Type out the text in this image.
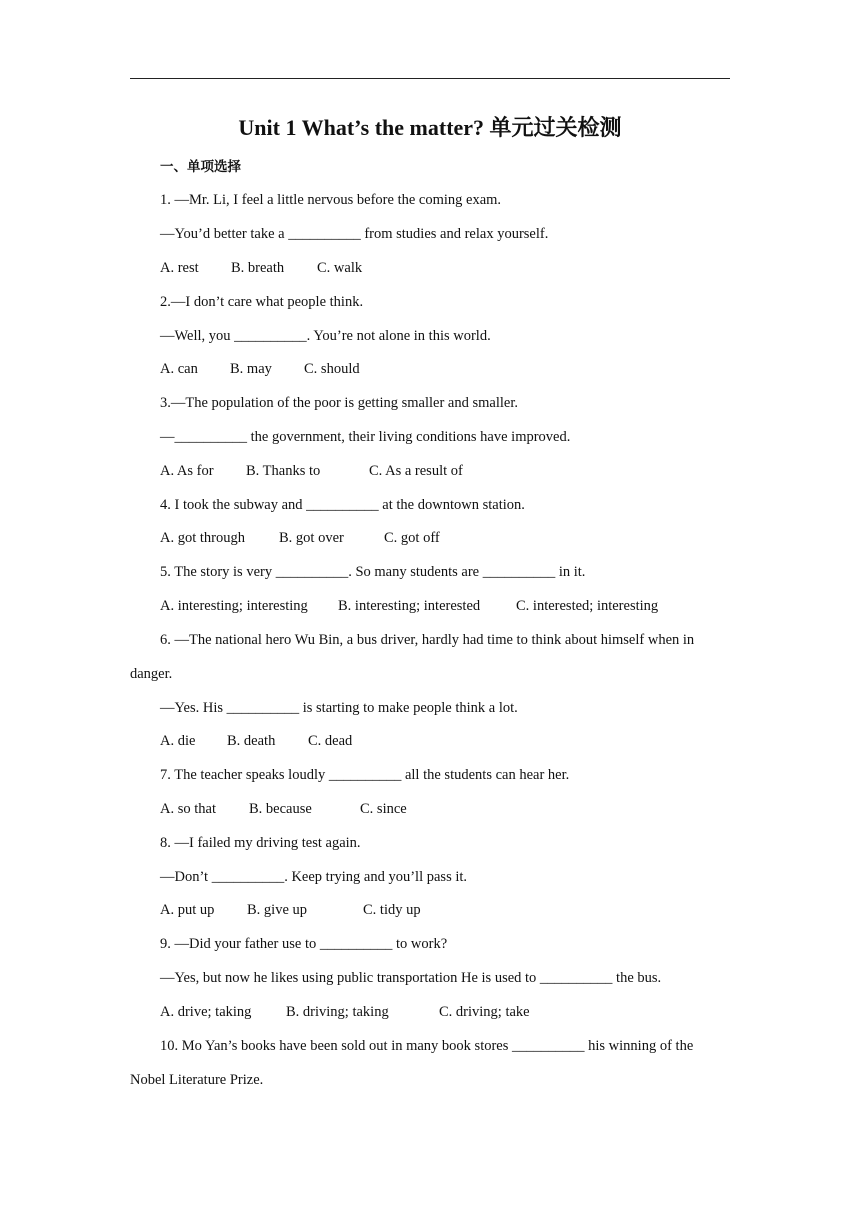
Unit 1 What’s the matter? 单元过关检测
一、单项选择
1. —Mr. Li, I feel a little nervous before the coming exam.
—You’d better take a __________ from studies and relax yourself.
A. rest B. breath C. walk
2.—I don’t care what people think.
—Well, you __________. You’re not alone in this world.
A. can B. may C. should
3.—The population of the poor is getting smaller and smaller.
—__________ the government, their living conditions have improved.
A. As for B. Thanks to	C. As a result of
4. I took the subway and __________ at the downtown station.
A. got through B. got over	C. got off
5. The story is very __________. So many students are __________ in it.
A. interesting; interesting B. interesting; interested C. interested; interesting
6. —The national hero Wu Bin, a bus driver, hardly had time to think about himself when in
danger.
—Yes. His __________ is starting to make people think a lot.
A. die B. death C. dead
7. The teacher speaks loudly __________ all the students can hear her.
A. so that B. because	C. since
8. —I failed my driving test again.
—Don’t __________. Keep trying and you’ll pass it.
A. put up B. give up	C. tidy up
9. —Did your father use to __________ to work?
—Yes, but now he likes using public transportation He is used to __________ the bus.
A. drive; taking B. driving; taking	C. driving; take
10. Mo Yan’s books have been sold out in many book stores __________ his winning of the
Nobel Literature Prize.
